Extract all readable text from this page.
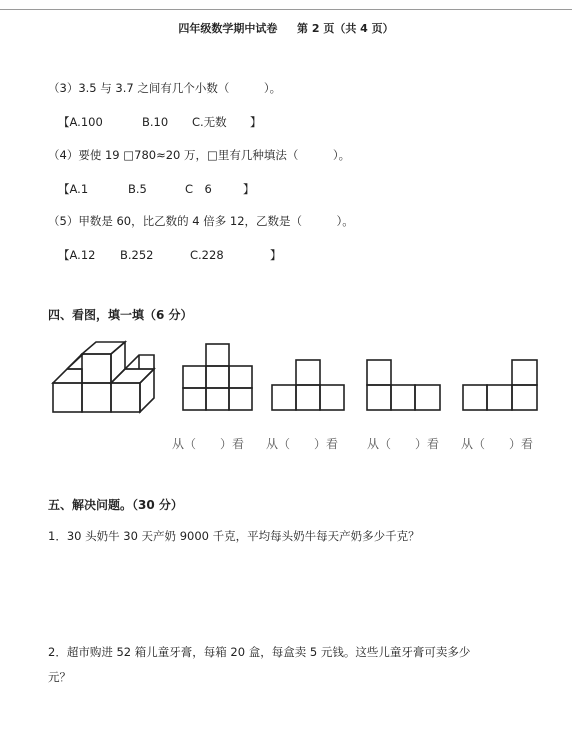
四年级数学期中试卷 第 2 页（共 4 页）
（3）3.5 与 3.7 之间有几个小数（　　　）。
【A.100	B.10 C.无数 】
（4）要使 19 □780≈20 万，□里有几种填法（　　　）。
【A.1	B.5	C　6	】
（5）甲数是 60，比乙数的 4 倍多 12，乙数是（　　　）。
【A.12 B.252	C.228	】
四、看图，填一填（6 分）
从（　　）看 从（　　）看 从（　　）看 从（　　）看
五、解决问题。（30 分）
1．30 头奶牛 30 天产奶 9000 千克，平均每头奶牛每天产奶多少千克？
2．超市购进 52 箱儿童牙膏，每箱 20 盒，每盒卖 5 元钱。这些儿童牙膏可卖多少
元？
